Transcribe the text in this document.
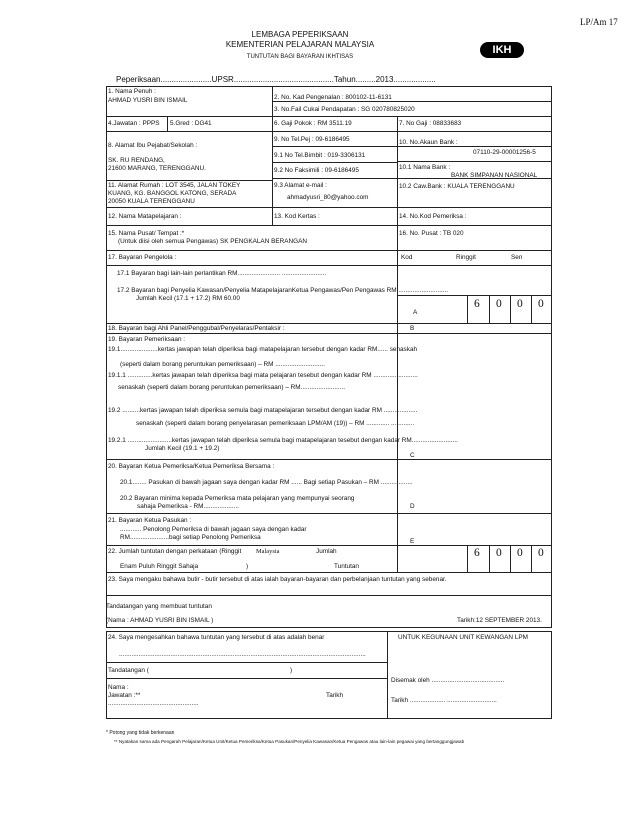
LP/Am 17
LEMBAGA PEPERIKSAAN
KEMENTERIAN PELAJARAN MALAYSIA
TUNTUTAN BAGI BAYARAN IKHTISAS
IKH
Peperiksaan.......................UPSR.............................................Tahun.........2013...................
1. Nama Penuh :
AHMAD YUSRI BIN ISMAIL	2. No. Kad Pengenalan : 800102-11-6131
3. No.Fail Cukai Pendapatan : SG 020780825020
4.Jawatan : PPPS 5.Gred : DG41	6. Gaji Pokok : RM 3511.19	7. No Gaji : 08833683
8. Alamat Ibu Pejabat/Sekolah :
SK. RU RENDANG,
21600 MARANG, TERENGGANU.
9. No Tel.Pej : 09-6186495
9.1 No Tel.Bimbit : 019-3306131
9.2 No Faksimili : 09-6186495
9.3 Alamat e-mail :
ahmadyusri_80@yahoo.com
10. No.Akaun Bank :
07110-29-00001256-5
10.1 Nama Bank :
BANK SIMPANAN NASIONAL
10.2 Caw.Bank : KUALA TERENGGANU
11. Alamat Rumah : LOT 3545, JALAN TOKEY
KUANG, KG. BANGGOL KATONG, SERADA
20050 KUALA TERENGGANU
12. Nama Matapelajaran :	13. Kod Kertas :	14. No.Kod Pemeriksa :
15. Nama Pusat/ Tempat :*
(Untuk diisi oleh semua Pengawas) SK PENGKALAN BERANGAN
16. No. Pusat : TB 020
17. Bayaran Pengelola :	Kod	Ringgit	Sen
17.1 Bayaran bagi lain-lain perlantikan RM........................ .........................
17.2 Bayaran bagi Penyelia Kawasan/Penyelia MatapelajaranKetua Pengawas/Pen Pengawas RM.............................
Jumlah Kecil (17.1 + 17.2) RM 60.00
A
6 0 0 0
18. Bayaran bagi Ahli Panel/Penggubal/Penyelaras/Pentaksir :	B
19. Bayaran Pemeriksaan :
19.1.....................kertas jawapan telah diperiksa bagi matapelajaran tersebut dengan kadar RM...... senaskah
(seperti dalam borang peruntukan pemeriksaan) – RM ............................
19.1.1 ..............kertas jawapan telah diperiksa bagi mata pelajaran tesebut dengan kadar RM .........................
senaskah (seperti dalam borang peruntukan pemeriksaan) – RM.........................
19.2 ..........kertas jawapan telah diperiksa semula bagi matapelajaran tersebut dengan kadar RM ...................
senaskah (seperti dalam borang penyelarasan pemeriksaan LPM/AM (19)) – RM ............. .............
19.2.1 .........................kertas jawapan telah diperiksa semula bagi matapelajaran tesebut dengan kadar RM..........................
Jumlah Kecil (19.1 + 19.2)
C
20. Bayaran Ketua Pemeriksa/Ketua Pemeriksa Bersama :
20.1........ Pasukan di bawah jagaan saya dengan kadar RM ...... Bagi setiap Pasukan – RM ..................
20.2 Bayaran minima kepada Pemeriksa mata pelajaran yang mempunyai seorang
sahaja Pemeriksa - RM....................	D
21. Bayaran Ketua Pasukan :
............ Penolong Pemeriksa di bawah jagaan saya dengan kadar
RM......................bagi setiap Penolong Pemeriksa
E
22. Jumlah tuntutan dengan perkataan (Ringgit Malaysia	Jumlah
Enam Puluh Ringgit Sahaja	)	Tuntutan
6 0 0 0
23. Saya mengaku bahawa butir - butir tersebut di atas ialah bayaran-bayaran dan perbelanjaan tuntutan yang sebenar.
Tandatangan yang membuat tuntutan
(Nama : AHMAD YUSRI BIN ISMAIL )	Tarikh:12 SEPTEMBER 2013.
24. Saya mengesahkan bahawa tuntutan yang tersebut di atas adalah benar
...........................................................................................................................................
Tandatangan (	)
Nama :
Jawatan :**	Tarikh
...................................................
UNTUK KEGUNAAN UNIT KEWANGAN LPM
Disemak oleh .........................................
Tarikh .................... ............................
* Potong yang tidak berkenaan
** Nyatakan sama ada Pengarah Pelajaran/Ketua Unit/Ketua Pemeriksa/Ketua Pasukan/Penyelia Kawasan/Ketua Pengawas atau lain-lain pegawai yang bertanggungjawab
